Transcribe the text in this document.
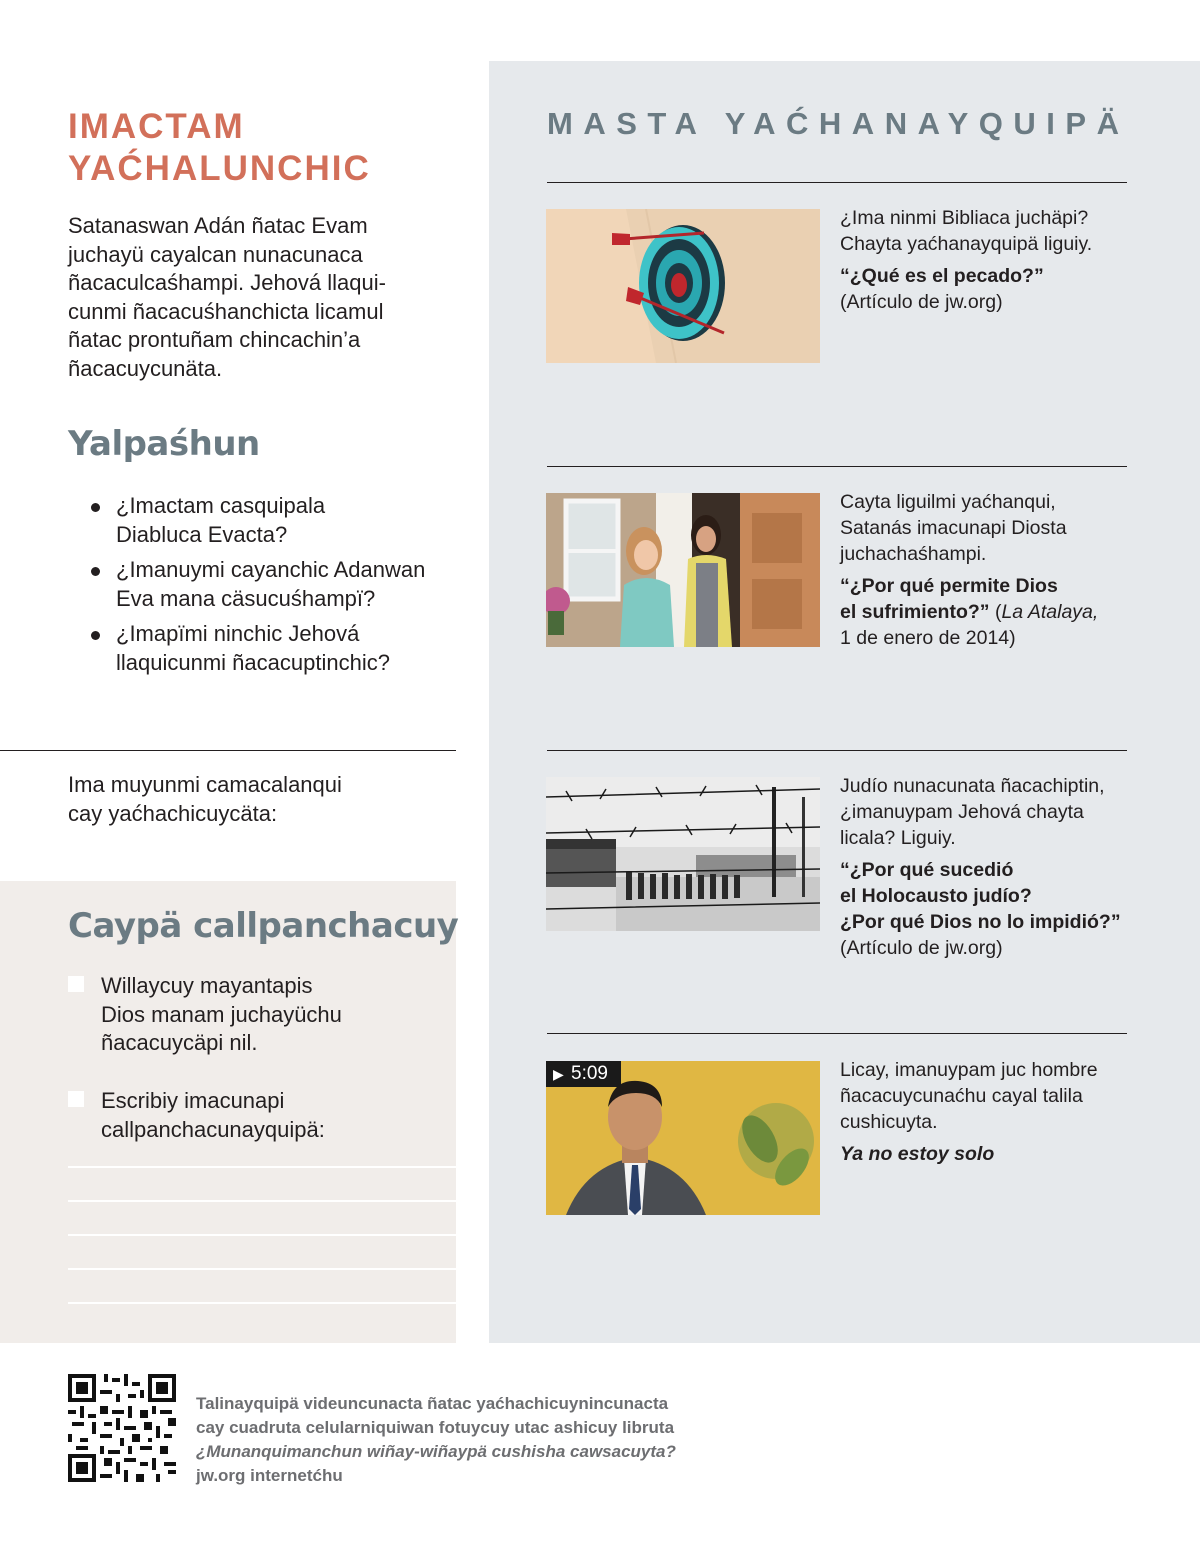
IMACTAM
YAĆHALUNCHIC

Satanaswan Adán ñatac Evam
juchayü cayalcan nunacunaca
ñacaculcaśhampi. Jehová llaqui-
cunmi ñacacuśhanchicta licamul
ñatac prontuñam chincachin’a
ñacacuycunäta.

Yalpaśhun
¿Imactam casquipala
Diabluca Evacta?
¿Imanuymi cayanchic Adanwan
Eva mana cäsucuśhampï?
¿Imapïmi ninchic Jehová
llaquicunmi ñacacuptinchic?

Ima muyunmi camacalanqui
cay yaćhachicuycäta:

Caypä callpanchacuy

Willaycuy mayantapis
Dios manam juchayüchu
ñacacuycäpi nil.

Escribiy imacunapi
callpanchacunayquipä:

MASTA YAĆHANAYQUIPÄ

¿Ima ninmi Bibliaca juchäpi?
Chayta yaćhanayquipä liguiy.

“¿Qué es el pecado?”
(Artículo de jw.org)

Cayta liguilmi yaćhanqui,
Satanás imacunapi Diosta
juchachaśhampi.

“¿Por qué permite Dios
el sufrimiento?” (La Atalaya,
1 de enero de 2014)

Judío nunacunata ñacachiptin,
¿imanuypam Jehová chayta
licala? Liguiy.

“¿Por qué sucedió
el Holocausto judío?
¿Por qué Dios no lo impidió?”
(Artículo de jw.org)

▶ 5:09	Licay, imanuypam juc hombre
ñacacuycunaćhu cayal talila
cushicuyta.

Ya no estoy solo

Talinayquipä videuncunacta ñatac yaćhachicuynincunacta
cay cuadruta celularniquiwan fotuycuy utac ashicuy libruta
¿Munanquimanchun wiñay-wiñaypä cushisha cawsacuyta?
jw.org internetćhu
